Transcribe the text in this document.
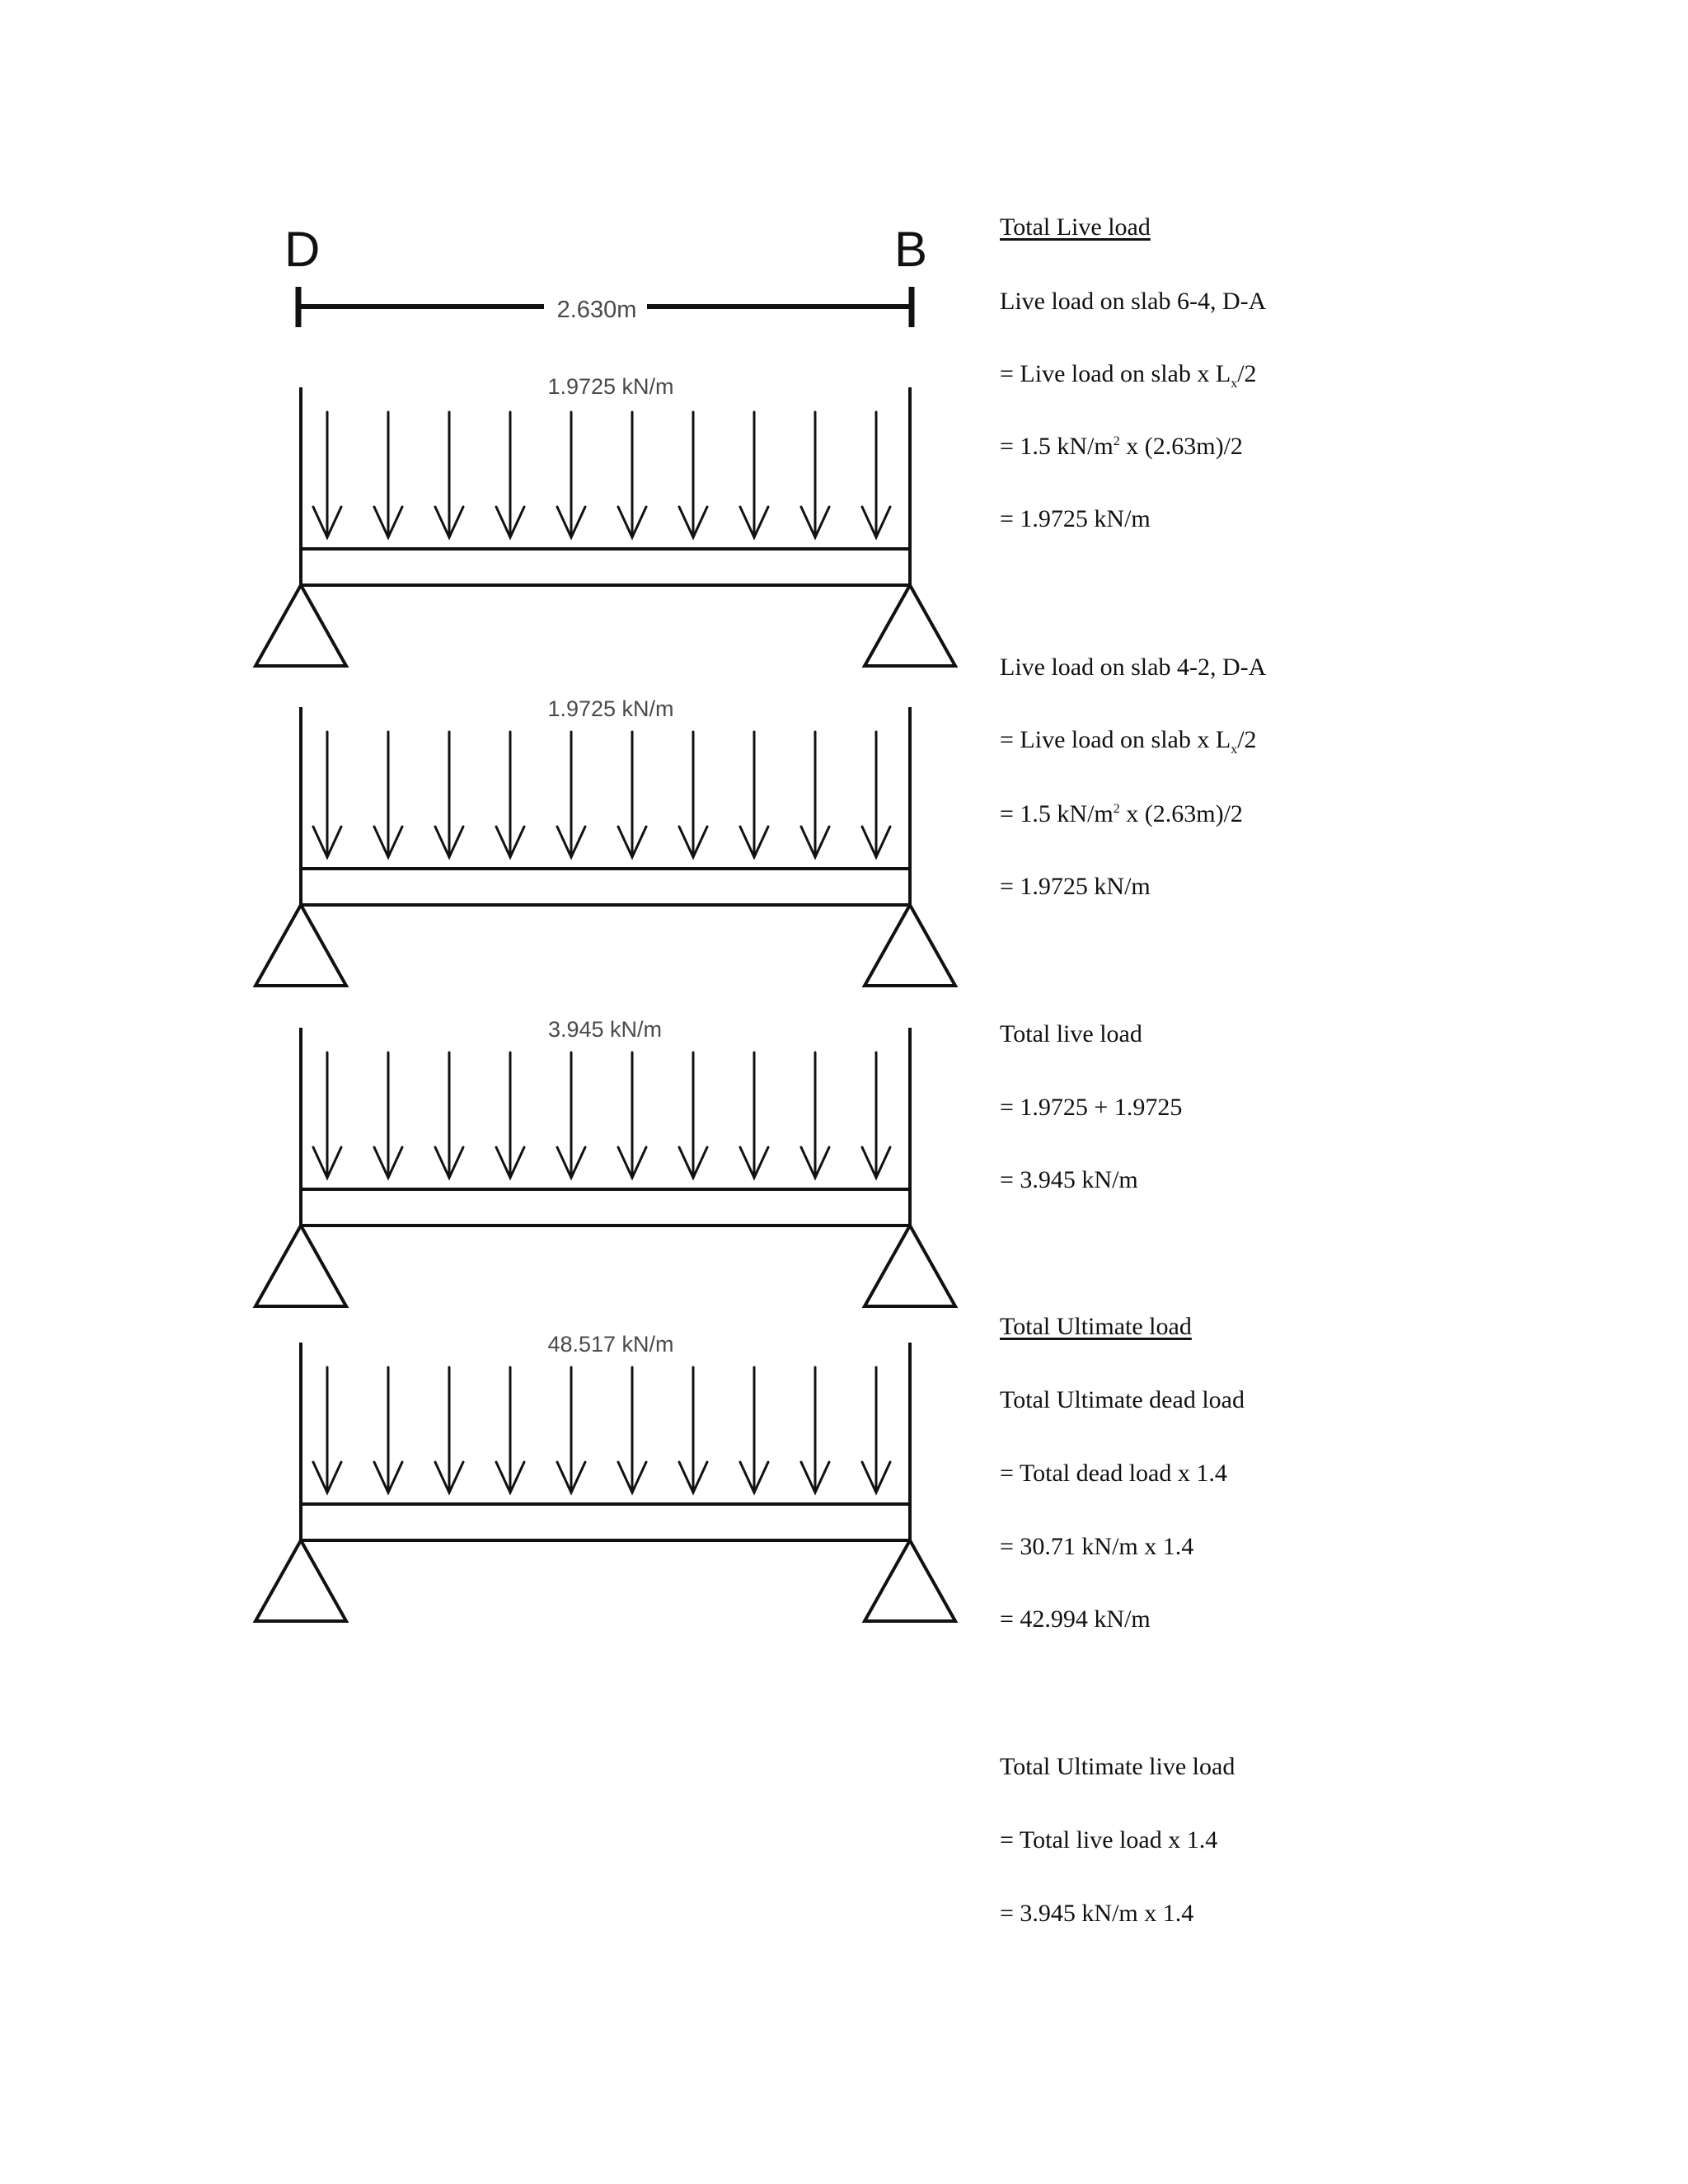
D	B
2.630m
1.9725 kN/m
1.9725 kN/m
3.945 kN/m
48.517 kN/m
Total Live load
Live load on slab 6-4, D-A
= Live load on slab x $L_x/2$
= 1.5 $kN/m^2$ x (2.63m)/2
= 1.9725 kN/m
Live load on slab 4-2, D-A
= Live load on slab x $L_x/2$
= 1.5 $kN/m^2$ x (2.63m)/2
= 1.9725 kN/m
Total live load
= 1.9725 + 1.9725
= 3.945 kN/m
Total Ultimate load
Total Ultimate dead load
= Total dead load x 1.4
= 30.71 kN/m x 1.4
= 42.994 kN/m
Total Ultimate live load
= Total live load x 1.4
= 3.945 kN/m x 1.4
